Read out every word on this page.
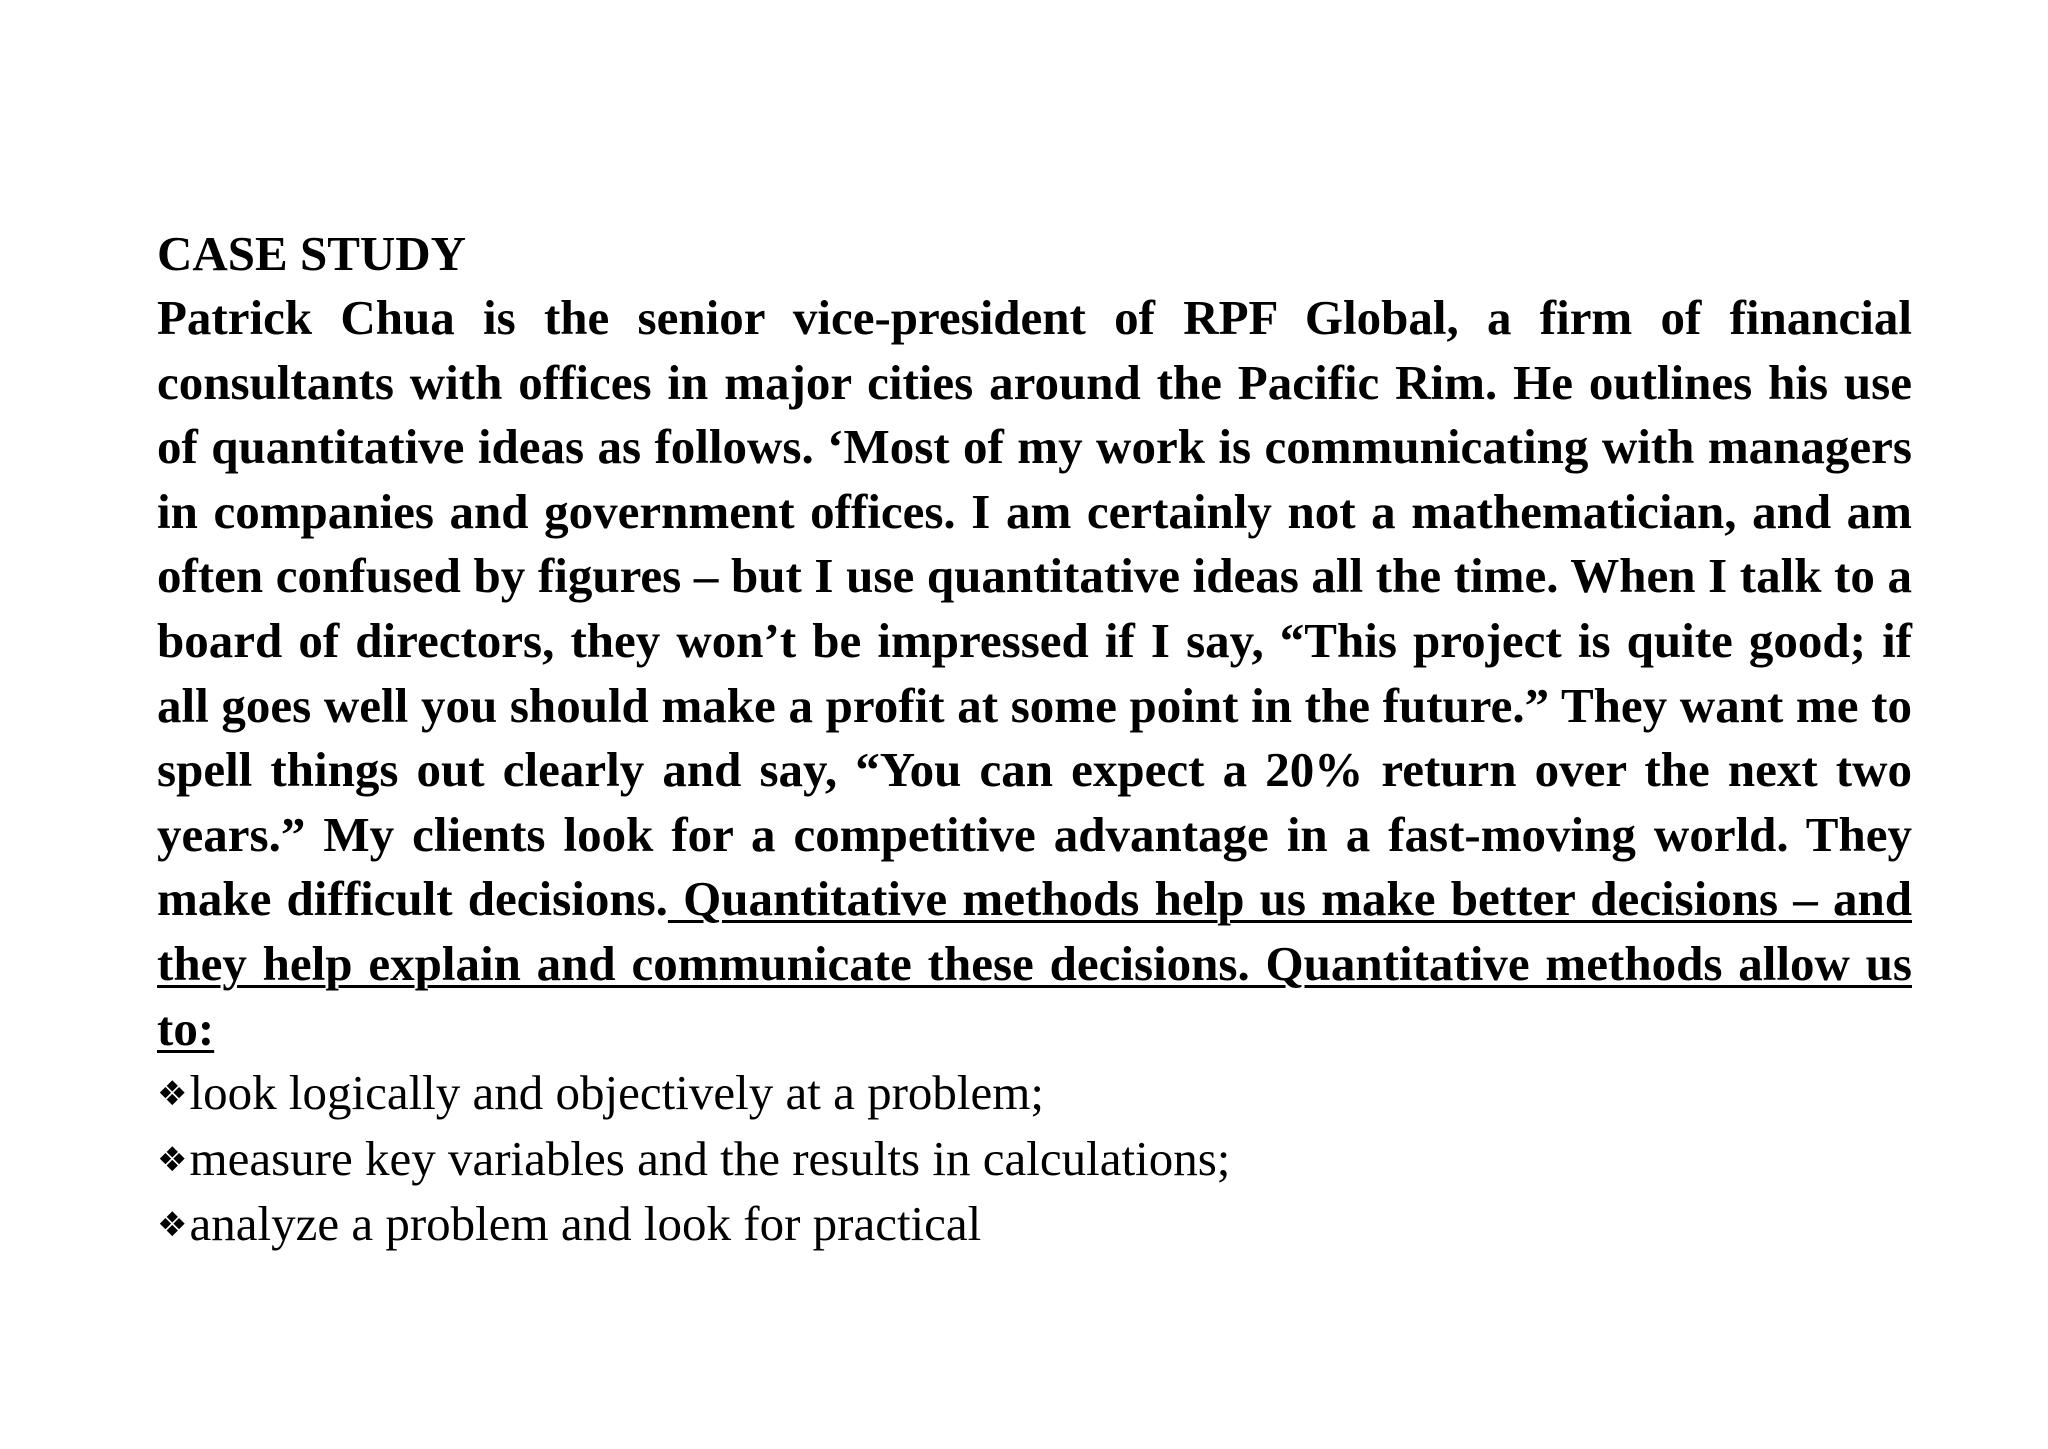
CASE STUDY

Patrick Chua is the senior vice-president of RPF Global, a firm of financial consultants with offices in major cities around the Pacific Rim. He outlines his use of quantitative ideas as follows. ‘Most of my work is communicating with managers in companies and government offices. I am certainly not a mathematician, and am often confused by figures – but I use quantitative ideas all the time. When I talk to a board of directors, they won’t be impressed if I say, “This project is quite good; if all goes well you should make a profit at some point in the future.” They want me to spell things out clearly and say, “You can expect a 20% return over the next two years.” My clients look for a competitive advantage in a fast-moving world. They make difficult decisions. Quantitative methods help us make better decisions – and they help explain and communicate these decisions. Quantitative methods allow us to:

❖look logically and objectively at a problem;
❖measure key variables and the results in calculations;
❖analyze a problem and look for practical
